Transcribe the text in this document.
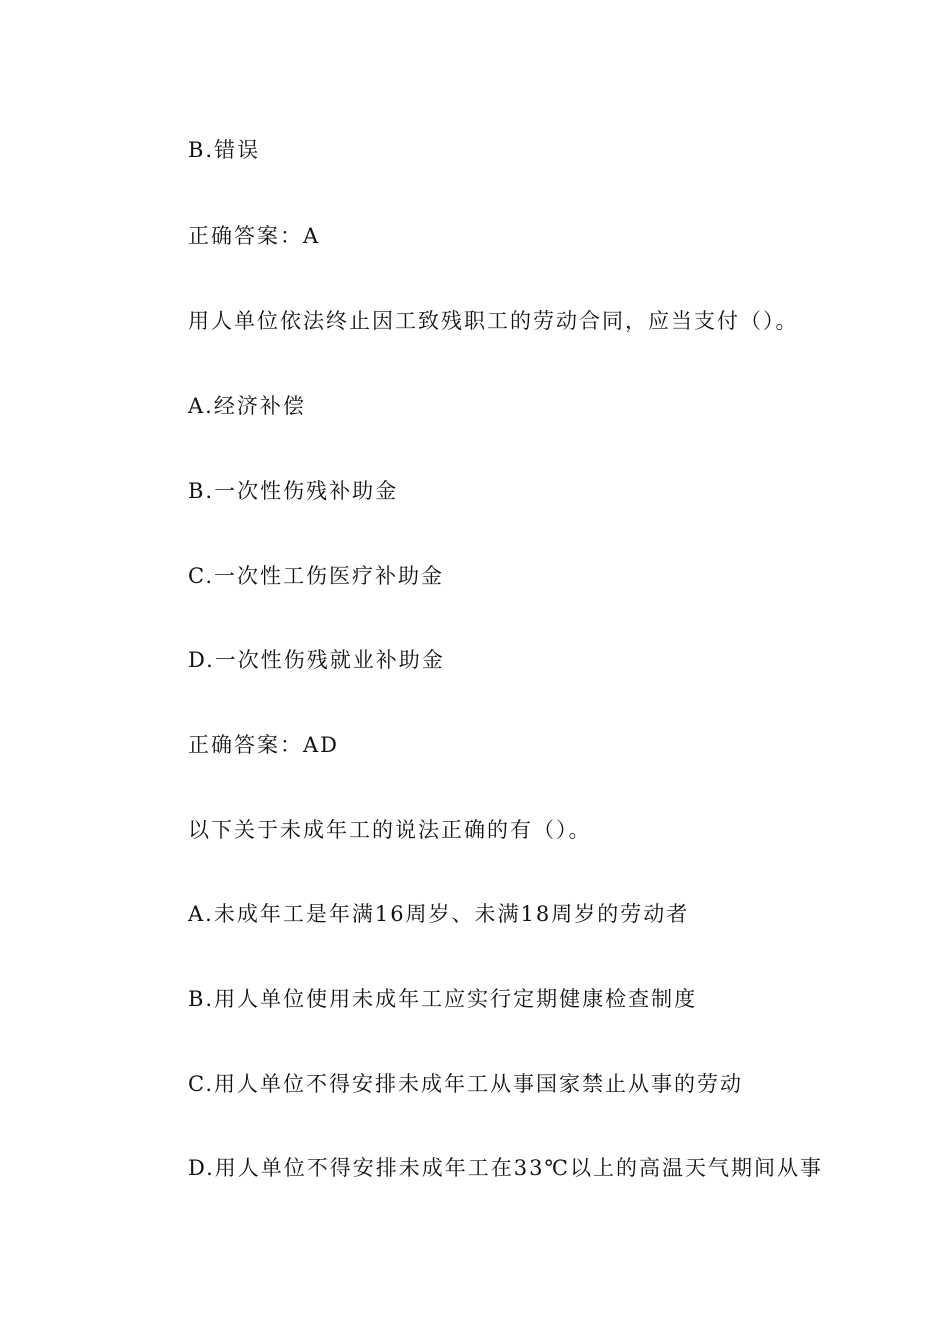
B.错误
正确答案：A
用人单位依法终止因工致残职工的劳动合同，应当支付（）。
A.经济补偿
B.一次性伤残补助金
C.一次性工伤医疗补助金
D.一次性伤残就业补助金
正确答案：AD
以下关于未成年工的说法正确的有（）。
A.未成年工是年满16周岁、未满18周岁的劳动者
B.用人单位使用未成年工应实行定期健康检查制度
C.用人单位不得安排未成年工从事国家禁止从事的劳动
D.用人单位不得安排未成年工在33℃以上的高温天气期间从事
